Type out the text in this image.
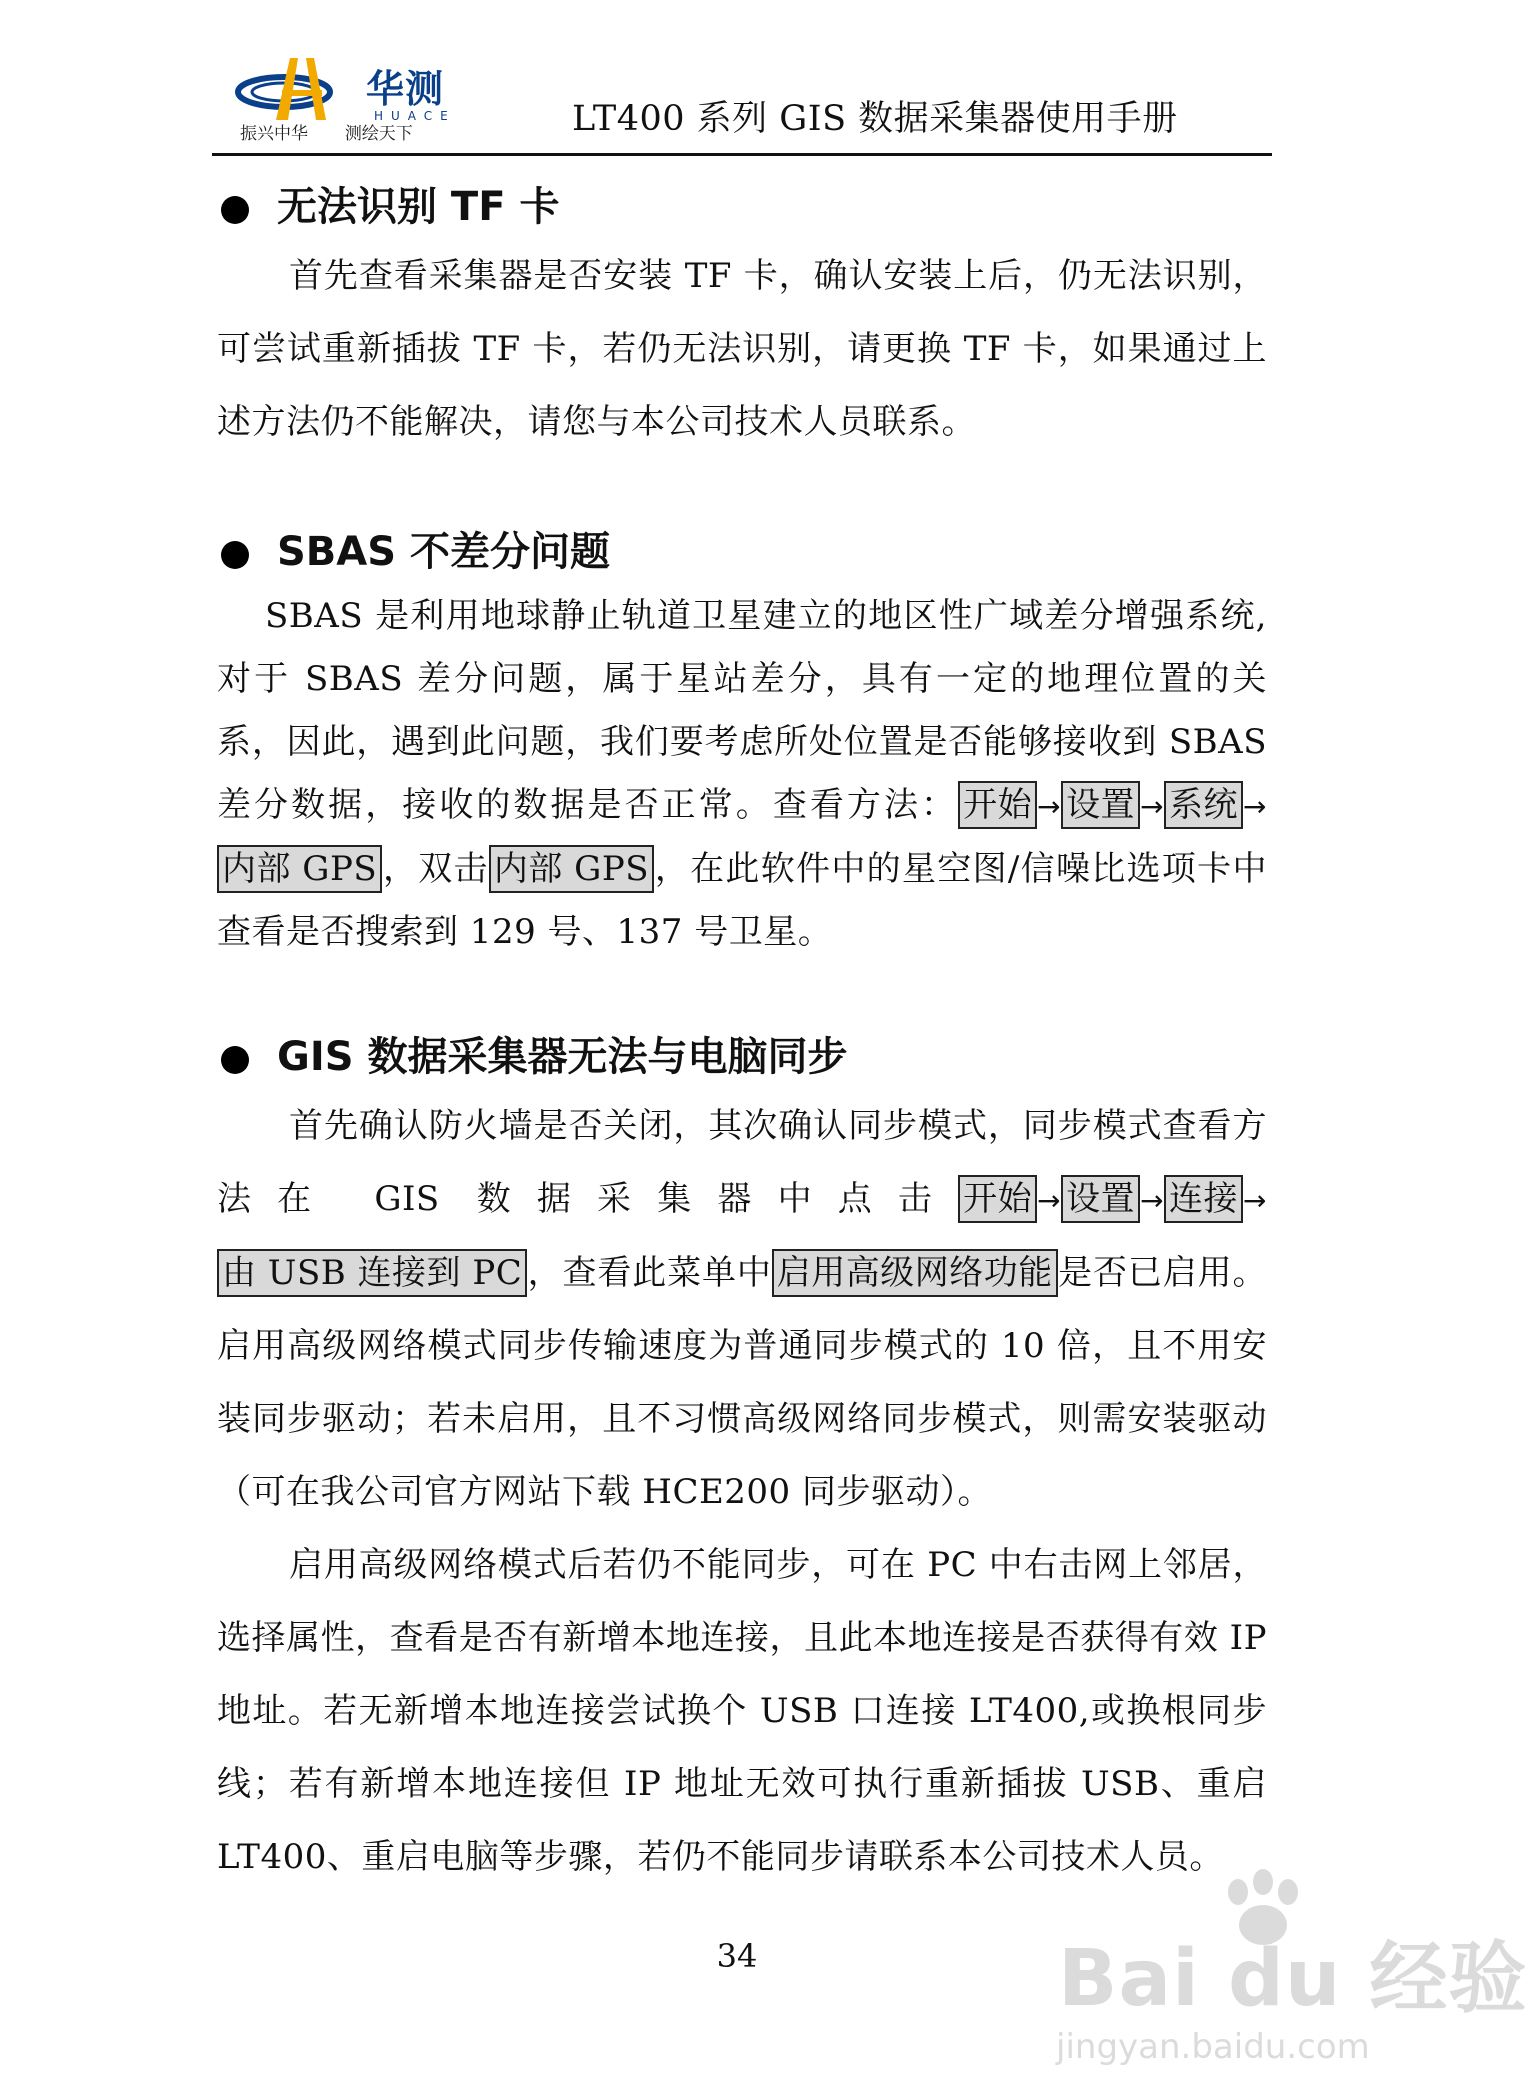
华测
HUACE
振兴中华 测绘天下	LT400 系列 GIS 数据采集器使用手册
无法识别 TF 卡

首先查看采集器是否安装 TF 卡，确认安装上后，仍无法识别，可尝试重新插拔 TF 卡，若仍无法识别，请更换 TF 卡，如果通过上述方法仍不能解决，请您与本公司技术人员联系。

SBAS 不差分问题

SBAS 是利用地球静止轨道卫星建立的地区性广域差分增强系统,对于 SBAS 差分问题，属于星站差分，具有一定的地理位置的关系，因此，遇到此问题，我们要考虑所处位置是否能够接收到 SBAS 差分数据，接收的数据是否正常。查看方法： 开始 → 设置 → 系统 →内部 GPS ，双击 内部 GPS ，在此软件中的星空图/信噪比选项卡中查看是否搜索到 129 号、137 号卫星。

GIS 数据采集器无法与电脑同步

首先确认防火墙是否关闭，其次确认同步模式，同步模式查看方法在 GIS 数据采集器中点击 开始 → 设置 → 连接 →由 USB 连接到 PC ，查看此菜单中 启用高级网络功能 是否已启用。启用高级网络模式同步传输速度为普通同步模式的 10 倍，且不用安装同步驱动；若未启用，且不习惯高级网络同步模式，则需安装驱动（可在我公司官方网站下载 HCE200 同步驱动）。

启用高级网络模式后若仍不能同步，可在 PC 中右击网上邻居，选择属性，查看是否有新增本地连接，且此本地连接是否获得有效 IP 地址。若无新增本地连接尝试换个 USB 口连接 LT400,或换根同步线；若有新增本地连接但 IP 地址无效可执行重新插拔 USB、重启 LT400、重启电脑等步骤，若仍不能同步请联系本公司技术人员。

34	Bai du 经验
jingyan.baidu.com
